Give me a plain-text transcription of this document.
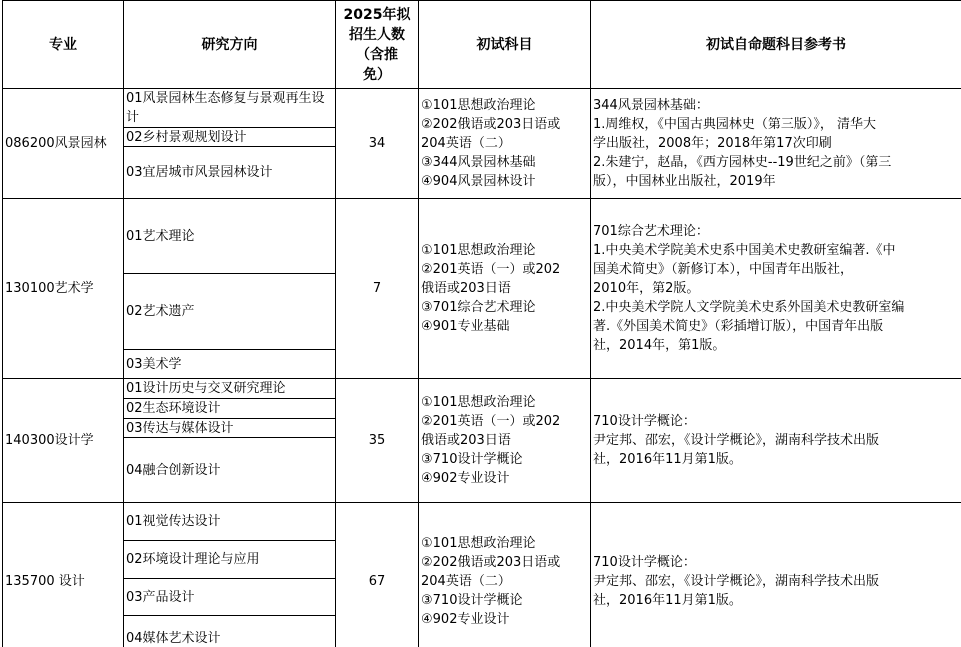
专业	研究方向
2025年拟
招生人数
（含推
免）
初试科目	初试自命题科目参考书
086200风景园林
01风景园林生态修复与景观再生设计
02乡村景观规划设计
03宜居城市风景园林设计
34
①101思想政治理论
②202俄语或203日语或
204英语（二）
③344风景园林基础
④904风景园林设计
344风景园林基础：
1.周维权，《中国古典园林史（第三版）》， 清华大
学出版社，2008年；2018年第17次印刷
2.朱建宁，赵晶，《西方园林史--19世纪之前》（第三
版），中国林业出版社，2019年
130100艺术学
01艺术理论
02艺术遗产
03美术学
7
①101思想政治理论
②201英语（一）或202
俄语或203日语
③701综合艺术理论
④901专业基础
701综合艺术理论：
1.中央美术学院美术史系中国美术史教研室编著.《中
国美术简史》（新修订本），中国青年出版社，
2010年，第2版。
2.中央美术学院人文学院美术史系外国美术史教研室编
著.《外国美术简史》（彩插增订版），中国青年出版
社，2014年，第1版。
140300设计学
01设计历史与交叉研究理论
02生态环境设计
03传达与媒体设计
04融合创新设计
35
①101思想政治理论
②201英语（一）或202
俄语或203日语
③710设计学概论
④902专业设计
710设计学概论：
尹定邦、邵宏，《设计学概论》，湖南科学技术出版
社，2016年11月第1版。
135700 设计
01视觉传达设计
02环境设计理论与应用
03产品设计
04媒体艺术设计
67
①101思想政治理论
②202俄语或203日语或
204英语（二）
③710设计学概论
④902专业设计
710设计学概论：
尹定邦、邵宏，《设计学概论》，湖南科学技术出版
社，2016年11月第1版。
